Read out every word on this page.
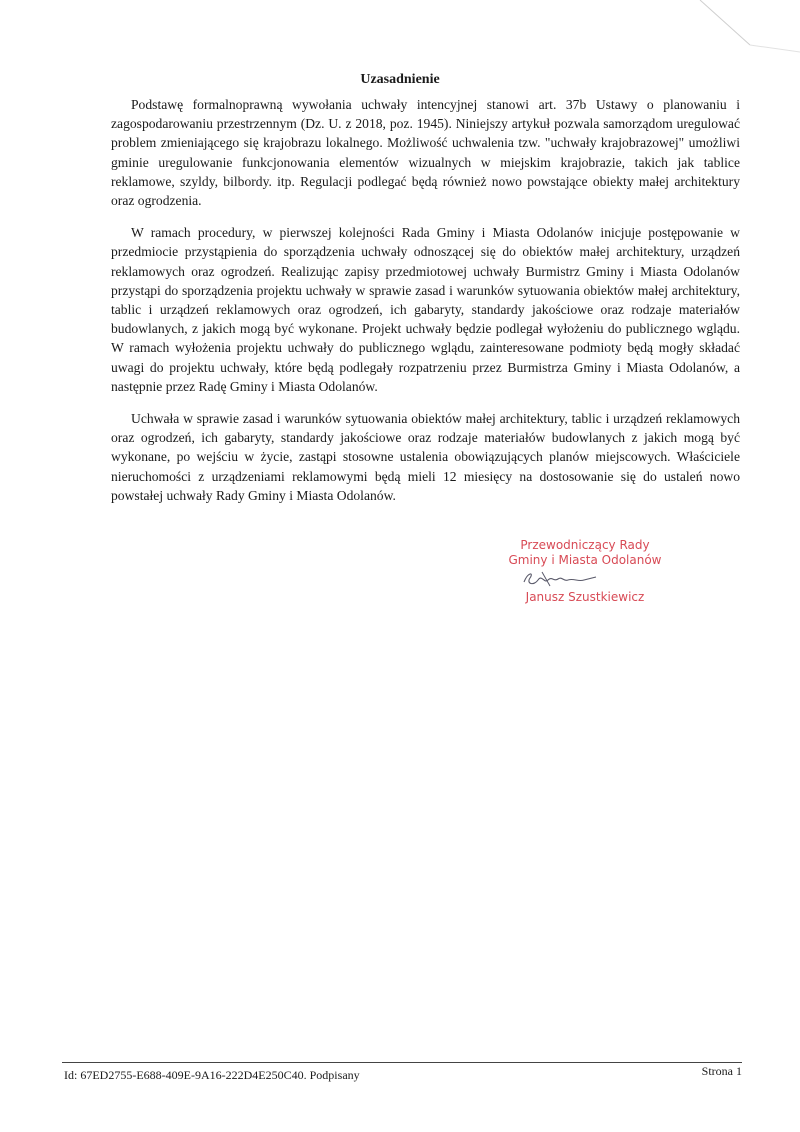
Uzasadnienie

Podstawę formalnoprawną wywołania uchwały intencyjnej stanowi art. 37b Ustawy o planowaniu i zagospodarowaniu przestrzennym (Dz. U. z 2018, poz. 1945). Niniejszy artykuł pozwala samorządom uregulować problem zmieniającego się krajobrazu lokalnego. Możliwość uchwalenia tzw. "uchwały krajobrazowej" umożliwi gminie uregulowanie funkcjonowania elementów wizualnych w miejskim krajobrazie, takich jak tablice reklamowe, szyldy, bilbordy. itp. Regulacji podlegać będą również nowo powstające obiekty małej architektury oraz ogrodzenia.

W ramach procedury, w pierwszej kolejności Rada Gminy i Miasta Odolanów inicjuje postępowanie w przedmiocie przystąpienia do sporządzenia uchwały odnoszącej się do obiektów małej architektury, urządzeń reklamowych oraz ogrodzeń. Realizując zapisy przedmiotowej uchwały Burmistrz Gminy i Miasta Odolanów przystąpi do sporządzenia projektu uchwały w sprawie zasad i warunków sytuowania obiektów małej architektury, tablic i urządzeń reklamowych oraz ogrodzeń, ich gabaryty, standardy jakościowe oraz rodzaje materiałów budowlanych, z jakich mogą być wykonane. Projekt uchwały będzie podlegał wyłożeniu do publicznego wglądu. W ramach wyłożenia projektu uchwały do publicznego wglądu, zainteresowane podmioty będą mogły składać uwagi do projektu uchwały, które będą podlegały rozpatrzeniu przez Burmistrza Gminy i Miasta Odolanów, a następnie przez Radę Gminy i Miasta Odolanów.

Uchwała w sprawie zasad i warunków sytuowania obiektów małej architektury, tablic i urządzeń reklamowych oraz ogrodzeń, ich gabaryty, standardy jakościowe oraz rodzaje materiałów budowlanych z jakich mogą być wykonane, po wejściu w życie, zastąpi stosowne ustalenia obowiązujących planów miejscowych. Właściciele nieruchomości z urządzeniami reklamowymi będą mieli 12 miesięcy na dostosowanie się do ustaleń nowo powstałej uchwały Rady Gminy i Miasta Odolanów.

Przewodniczący Rady
Gminy i Miasta Odolanów
Janusz Szustkiewicz
Id: 67ED2755-E688-409E-9A16-222D4E250C40. Podpisany	Strona 1
